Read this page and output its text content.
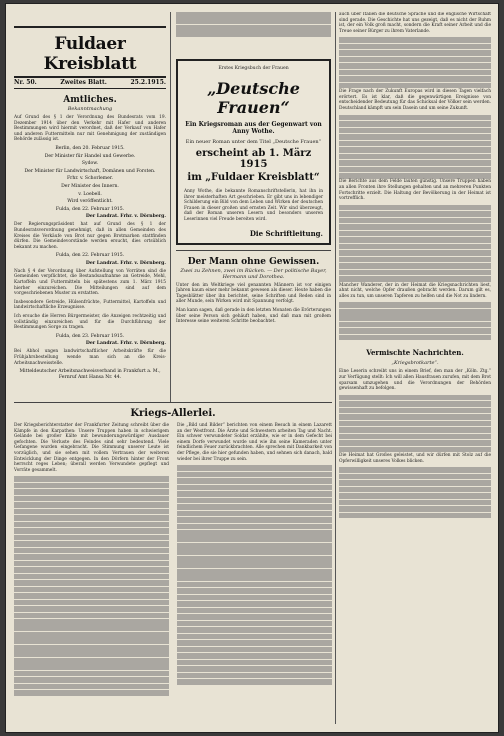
Fuldaer Kreisblatt
Nr. 50.	Zweites Blatt.	25.2.1915.
Amtliches.
Bekanntmachung

Auf Grund des § 1 der Verordnung des Bundesrats vom 19. Dezember 1914 über den Verkehr mit Hafer und anderen Bestimmungen wird hiermit verordnet, daß der Verkauf von Hafer und anderen Futtermitteln nur mit Genehmigung der zuständigen Behörde zulässig ist.

Berlin, den 20. Februar 1915.

Der Minister für Handel und Gewerbe.

Sydow.

Der Minister für Landwirtschaft, Domänen und Forsten.

Frhr. v. Schorlemer.

Der Minister des Innern.

v. Loebell.

Wird veröffentlicht.

Fulda, den 22. Februar 1915.

Der Landrat. Frhr. v. Dörnberg.

Der Regierungspräsident hat auf Grund des § 1 der Bundesratsverordnung genehmigt, daß in allen Gemeinden des Kreises die Verkäufe von Brot nur gegen Brotmarken stattfinden dürfen. Die Gemeindevorstände werden ersucht, dies ortsüblich bekannt zu machen.

Fulda, den 22. Februar 1915.

Der Landrat. Frhr. v. Dörnberg.

Nach § 4 der Verordnung über Aufstellung von Vorräten sind die Gemeinden verpflichtet, die Bestandsaufnahme an Getreide, Mehl, Kartoffeln und Futtermitteln bis spätestens zum 1. März 1915 hierher einzureichen. Die Mitteilungen sind auf dem vorgeschriebenen Muster zu erstatten.

Insbesondere Getreide, Hülsenfrüchte, Futtermittel, Kartoffeln und landwirtschaftliche Erzeugnisse.

Ich ersuche die Herren Bürgermeister, die Anzeigen rechtzeitig und vollständig einzureichen und für die Durchführung der Bestimmungen Sorge zu tragen.

Fulda, den 23. Februar 1915.

Der Landrat. Frhr. v. Dörnberg.

Bei Abhol ungen landwirtschaftlicher Arbeitskräfte für die Frühjahrsbestellung wende man sich an die Kreis-Arbeitsnachweisstelle.

Mitteldeutscher Arbeitsnachweisverband in Frankfurt a. M., Fernruf Amt Hansa Nr. 44.

Erstes Kriegsbuch der Frauen
„Deutsche Frauen“
Ein Kriegsroman aus der Gegenwart von Anny Wothe.
Ein neuer Roman unter dem Titel „Deutsche Frauen“
erscheint ab 1. März 1915
im „Fuldaer Kreisblatt“
Anny Wothe, die bekannte Romanschriftstellerin, hat ihn in ihrer meisterhaften Art geschrieben. Er gibt uns in lebendiger Schilderung ein Bild von dem Leben und Wirken der deutschen Frauen in dieser großen und ernsten Zeit. Wir sind überzeugt, daß der Roman unseren Lesern und besonders unseren Leserinnen viel Freude bereiten wird.
Die Schriftleitung.
Der Mann ohne Gewissen.
Zwei zu Zehnen, zwei im Rücken. — Der politische Bayer, Hermann und Dorothea.

Unter den im Weltkriege viel genannten Männern ist vor einigen Jahren kaum einer mehr bekannt gewesen als dieser. Heute haben die Tagesblätter über ihn berichtet, seine Schriften und Reden sind in aller Munde, sein Wirken wird mit Spannung verfolgt.

Man kann sagen, daß gerade in den letzten Monaten die Erörterungen über seine Person sich gehäuft haben, und daß man mit großem Interesse seine weiteren Schritte beobachtet.

auch über Italien die deutsche Sprache und die englische Wirtschaft sind gerade. Die Geschichte hat uns gezeigt, daß es nicht der Ruhm ist, der ein Volk groß macht, sondern die Kraft seiner Arbeit und die Treue seiner Bürger zu ihrem Vaterlande.

Die Frage nach der Zukunft Europas wird in diesen Tagen vielfach erörtert. Es ist klar, daß die gegenwärtigen Ereignisse von entscheidender Bedeutung für das Schicksal der Völker sein werden. Deutschland kämpft um sein Dasein und um seine Zukunft.

Die Berichte aus dem Felde lauten günstig. Unsere Truppen haben an allen Fronten ihre Stellungen gehalten und an mehreren Punkten Fortschritte erzielt. Die Haltung der Bevölkerung in der Heimat ist vortrefflich.

Mancher Wanderer, der in der Heimat die Kriegsnachrichten liest, ahnt nicht, welche Opfer draußen gebracht werden. Darum gilt es, alles zu tun, um unseren Tapferen zu helfen und die Not zu lindern.

Vermischte Nachrichten.
„Kriegsbrotkarte“.

Eine Leserin schreibt uns in einem Brief, den man der „Köln. Ztg.“ zur Verfügung stellt: Ich will allen Hausfrauen zurufen, mit dem Brot sparsam umzugehen und die Verordnungen der Behörden gewissenhaft zu befolgen.

Die Heimat hat Großes geleistet, und wir dürfen mit Stolz auf die Opferwilligkeit unseres Volkes blicken.

Kriegs-Allerlei.

Der Kriegsberichterstatter der Frankfurter Zeitung schreibt über die Kämpfe in den Karpathen: Unsere Truppen haben in schwierigem Gelände bei großer Kälte mit bewunderungswürdiger Ausdauer gefochten. Die Verluste des Feindes sind sehr bedeutend. Viele Gefangene wurden eingebracht. Die Stimmung unserer Leute ist vorzüglich, und sie sehen mit vollem Vertrauen der weiteren Entwicklung der Dinge entgegen. In den Dörfern hinter der Front herrscht reges Leben; überall werden Verwundete gepflegt und Vorräte gesammelt.

Die „Bild und Bilder“ berichten von einem Besuch in einem Lazarett an der Westfront. Die Ärzte und Schwestern arbeiten Tag und Nacht. Ein schwer verwundeter Soldat erzählte, wie er in dem Gefecht bei einem Dorfe verwundet wurde und wie ihn seine Kameraden unter feindlichem Feuer zurückbrachten. Alle sprechen mit Dankbarkeit von der Pflege, die sie hier gefunden haben, und sehnen sich danach, bald wieder bei ihrer Truppe zu sein.
